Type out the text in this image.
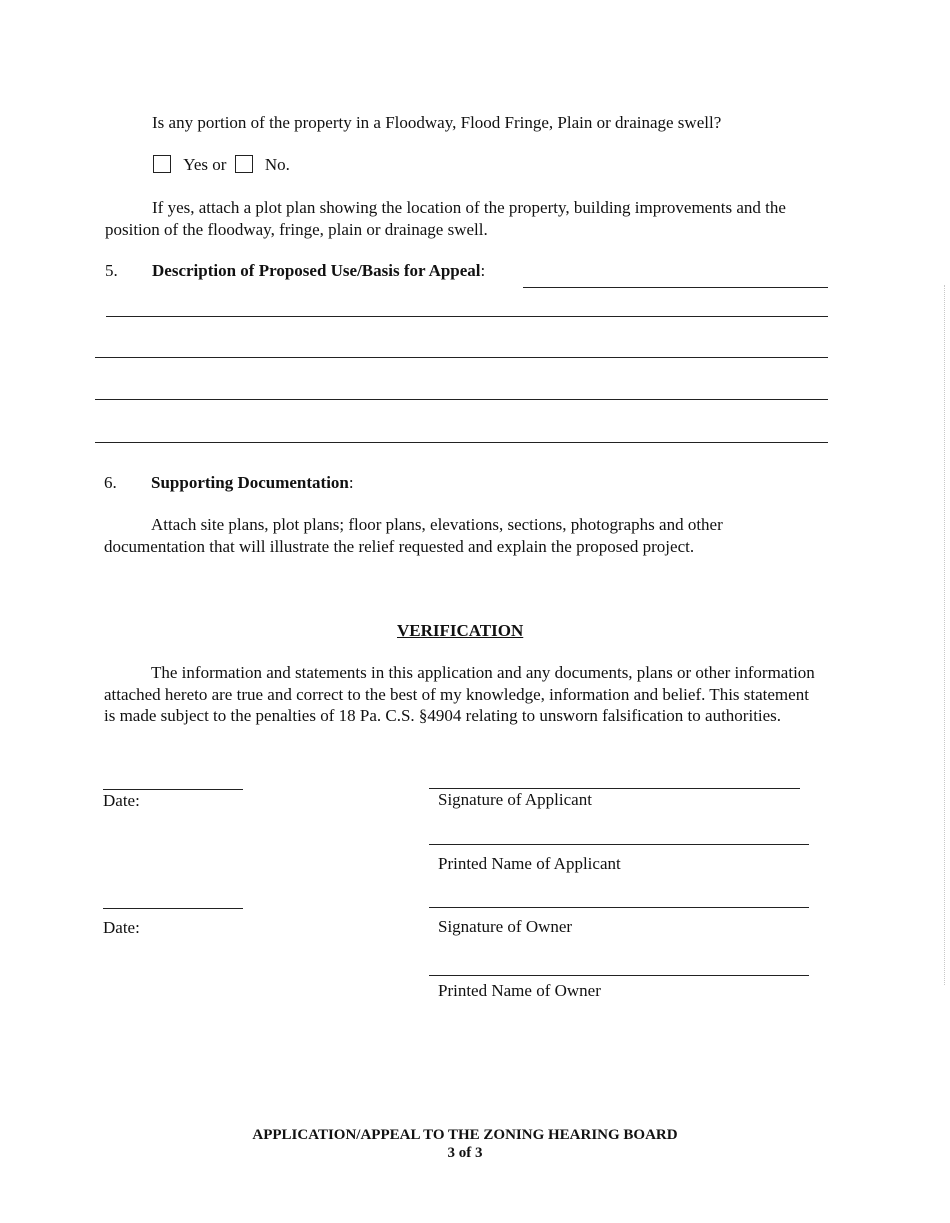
Is any portion of the property in a Floodway, Flood Fringe, Plain or drainage swell?
Yes or No.
If yes, attach a plot plan showing the location of the property, building improvements and the position of the floodway, fringe, plain or drainage swell.
5. Description of Proposed Use/Basis for Appeal:
6. Supporting Documentation:
Attach site plans, plot plans; floor plans, elevations, sections, photographs and other documentation that will illustrate the relief requested and explain the proposed project.
VERIFICATION
The information and statements in this application and any documents, plans or other information attached hereto are true and correct to the best of my knowledge, information and belief. This statement is made subject to the penalties of 18 Pa. C.S. §4904 relating to unsworn falsification to authorities.
Date:	Signature of Applicant
Printed Name of Applicant
Date:	Signature of Owner
Printed Name of Owner
APPLICATION/APPEAL TO THE ZONING HEARING BOARD
3 of 3
